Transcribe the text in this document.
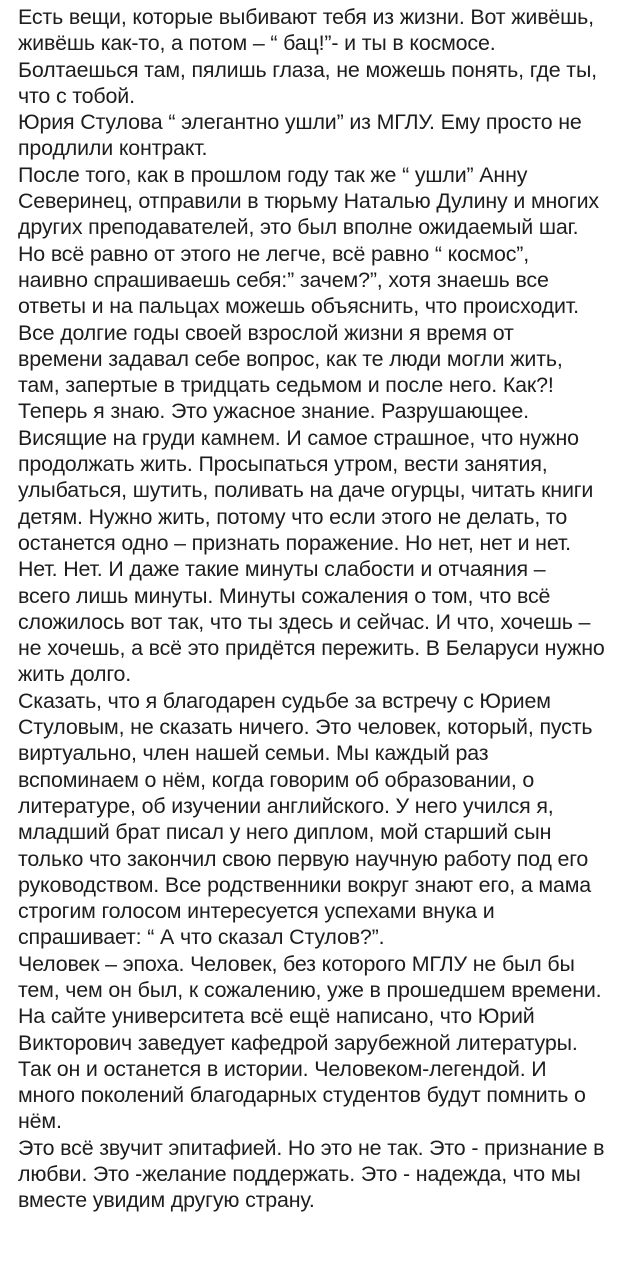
Есть вещи, которые выбивают тебя из жизни. Вот живёшь,
живёшь как-то, а потом – “ бац!”- и ты в космосе.
Болтаешься там, пялишь глаза, не можешь понять, где ты,
что с тобой.

Юрия Стулова “ элегантно ушли” из МГЛУ. Ему просто не
продлили контракт.

После того, как в прошлом году так же “ ушли” Анну
Северинец, отправили в тюрьму Наталью Дулину и многих
других преподавателей, это был вполне ожидаемый шаг.
Но всё равно от этого не легче, всё равно “ космос”,
наивно спрашиваешь себя:” зачем?”, хотя знаешь все
ответы и на пальцах можешь объяснить, что происходит.
Все долгие годы своей взрослой жизни я время от
времени задавал себе вопрос, как те люди могли жить,
там, запертые в тридцать седьмом и после него. Как?!
Теперь я знаю. Это ужасное знание. Разрушающее.
Висящие на груди камнем. И самое страшное, что нужно
продолжать жить. Просыпаться утром, вести занятия,
улыбаться, шутить, поливать на даче огурцы, читать книги
детям. Нужно жить, потому что если этого не делать, то
останется одно – признать поражение. Но нет, нет и нет.
Нет. Нет. И даже такие минуты слабости и отчаяния –
всего лишь минуты. Минуты сожаления о том, что всё
сложилось вот так, что ты здесь и сейчас. И что, хочешь –
не хочешь, а всё это придётся пережить. В Беларуси нужно
жить долго.

Сказать, что я благодарен судьбе за встречу с Юрием
Стуловым, не сказать ничего. Это человек, который, пусть
виртуально, член нашей семьи. Мы каждый раз
вспоминаем о нём, когда говорим об образовании, о
литературе, об изучении английского. У него учился я,
младший брат писал у него диплом, мой старший сын
только что закончил свою первую научную работу под его
руководством. Все родственники вокруг знают его, а мама
строгим голосом интересуется успехами внука и
спрашивает: “ А что сказал Стулов?”.

Человек – эпоха. Человек, без которого МГЛУ не был бы
тем, чем он был, к сожалению, уже в прошедшем времени.
На сайте университета всё ещё написано, что Юрий
Викторович заведует кафедрой зарубежной литературы.
Так он и останется в истории. Человеком-легендой. И
много поколений благодарных студентов будут помнить о
нём.

Это всё звучит эпитафией. Но это не так. Это - признание в
любви. Это -желание поддержать. Это - надежда, что мы
вместе увидим другую страну.
